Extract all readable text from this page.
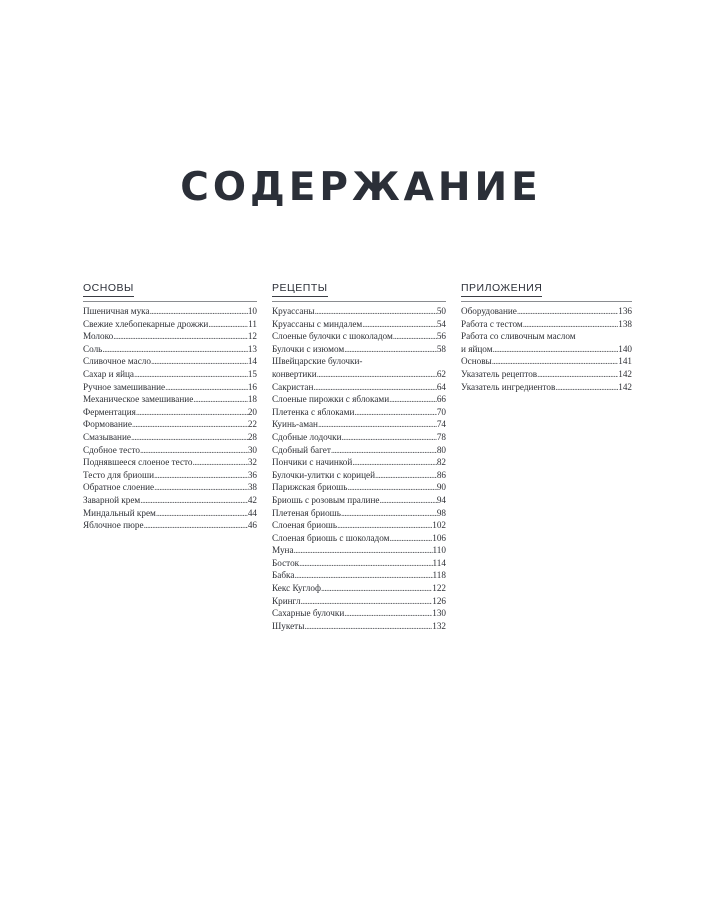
СОДЕРЖАНИЕ
ОСНОВЫ
Пшеничная мука .....	10
Свежие хлебопекарные дрожжи .....	11
Молоко .....	12
Соль .....	13
Сливочное масло .....	14
Сахар и яйца .....	15
Ручное замешивание .....	16
Механическое замешивание .....	18
Ферментация .....	20
Формование .....	22
Смазывание .....	28
Сдобное тесто .....	30
Поднявшееся слоеное тесто .....	32
Тесто для бриоши .....	36
Обратное слоение .....	38
Заварной крем .....	42
Миндальный крем .....	44
Яблочное пюре .....	46
РЕЦЕПТЫ
Круассаны .....	50
Круассаны с миндалем .....	54
Слоеные булочки с шоколадом .....	56
Булочки с изюмом .....	58
Швейцарские булочки-
конвертики .....	62
Сакристан .....	64
Слоеные пирожки с яблоками .....	66
Плетенка с яблоками .....	70
Куинь-аман .....	74
Сдобные лодочки .....	78
Сдобный багет .....	80
Пончики с начинкой .....	82
Булочки-улитки с корицей .....	86
Парижская бриошь .....	90
Бриошь с розовым пралине .....	94
Плетеная бриошь .....	98
Слоеная бриошь .....	102
Слоеная бриошь с шоколадом .....	106
Муна .....	110
Босток .....	114
Бабка .....	118
Кекс Куглоф .....	122
Крингл .....	126
Сахарные булочки .....	130
Шукеты .....	132
ПРИЛОЖЕНИЯ
Оборудование .....	136
Работа с тестом .....	138
Работа со сливочным маслом
и яйцом .....	140
Основы .....	141
Указатель рецептов .....	142
Указатель ингредиентов .....	142
